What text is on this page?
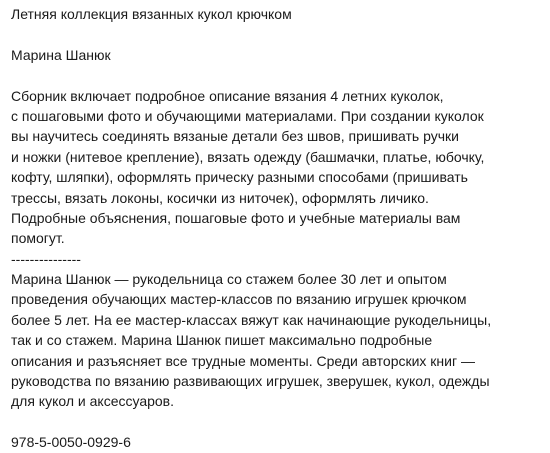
Летняя коллекция вязанных кукол крючком
Марина Шанюк
Сборник включает подробное описание вязания 4 летних куколок,
с пошаговыми фото и обучающими материалами. При создании куколок
вы научитесь соединять вязаные детали без швов, пришивать ручки
и ножки (нитевое крепление), вязать одежду (башмачки, платье, юбочку,
кофту, шляпки), оформлять прическу разными способами (пришивать
трессы, вязать локоны, косички из ниточек), оформлять личико.
Подробные объяснения, пошаговые фото и учебные материалы вам
помогут.
---------------
Марина Шанюк — рукодельница со стажем более 30 лет и опытом
проведения обучающих мастер-классов по вязанию игрушек крючком
более 5 лет. На ее мастер-классах вяжут как начинающие рукодельницы,
так и со стажем. Марина Шанюк пишет максимально подробные
описания и разъясняет все трудные моменты. Среди авторских книг —
руководства по вязанию развивающих игрушек, зверушек, кукол, одежды
для кукол и аксессуаров.
978-5-0050-0929-6
